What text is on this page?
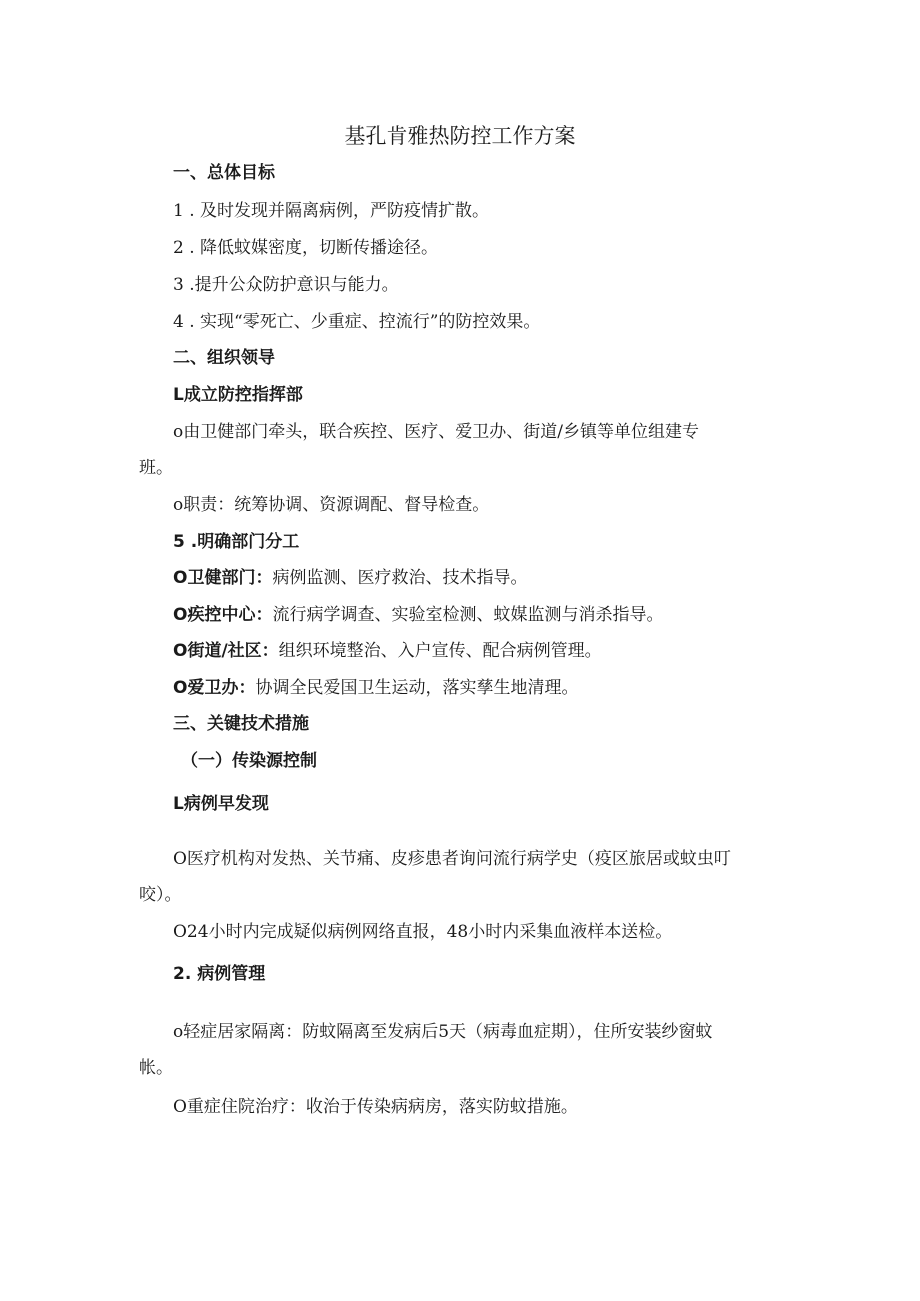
基孔肯雅热防控工作方案
一、总体目标
1 . 及时发现并隔离病例，严防疫情扩散。
2 . 降低蚊媒密度，切断传播途径。
3 .提升公众防护意识与能力。
4 . 实现“零死亡、少重症、控流行”的防控效果。
二、组织领导
L成立防控指挥部
o由卫健部门牵头，联合疾控、医疗、爱卫办、街道/乡镇等单位组建专
班。
o职责：统筹协调、资源调配、督导检查。
5 .明确部门分工
O卫健部门：病例监测、医疗救治、技术指导。
O疾控中心：流行病学调查、实验室检测、蚊媒监测与消杀指导。
O街道/社区：组织环境整治、入户宣传、配合病例管理。
O爱卫办：协调全民爱国卫生运动，落实孳生地清理。
三、关键技术措施
（一）传染源控制
L病例早发现
O医疗机构对发热、关节痛、皮疹患者询问流行病学史（疫区旅居或蚊虫叮
咬）。
O24小时内完成疑似病例网络直报，48小时内采集血液样本送检。
2. 病例管理
o轻症居家隔离：防蚊隔离至发病后5天（病毒血症期），住所安装纱窗蚊
帐。
O重症住院治疗：收治于传染病病房，落实防蚊措施。
